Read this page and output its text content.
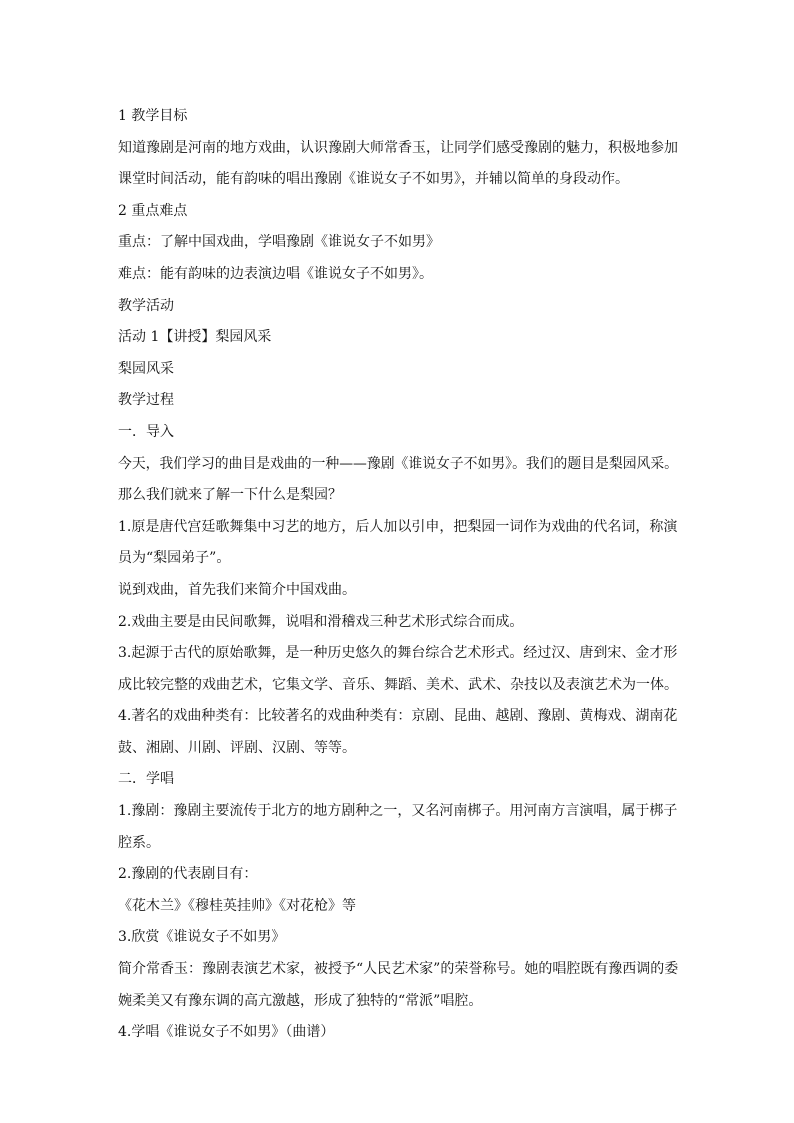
1 教学目标
知道豫剧是河南的地方戏曲，认识豫剧大师常香玉，让同学们感受豫剧的魅力，积极地参加
课堂时间活动，能有韵味的唱出豫剧《谁说女子不如男》，并辅以简单的身段动作。
2 重点难点
重点：了解中国戏曲，学唱豫剧《谁说女子不如男》
难点：能有韵味的边表演边唱《谁说女子不如男》。
教学活动
活动 1【讲授】梨园风采
梨园风采
教学过程
一．导入
今天，我们学习的曲目是戏曲的一种——豫剧《谁说女子不如男》。我们的题目是梨园风采。
那么我们就来了解一下什么是梨园？
1.原是唐代宫廷歌舞集中习艺的地方，后人加以引申，把梨园一词作为戏曲的代名词，称演
员为“梨园弟子”。
说到戏曲，首先我们来简介中国戏曲。
2.戏曲主要是由民间歌舞，说唱和滑稽戏三种艺术形式综合而成。
3.起源于古代的原始歌舞，是一种历史悠久的舞台综合艺术形式。经过汉、唐到宋、金才形
成比较完整的戏曲艺术，它集文学、音乐、舞蹈、美术、武术、杂技以及表演艺术为一体。
4.著名的戏曲种类有：比较著名的戏曲种类有：京剧、昆曲、越剧、豫剧、黄梅戏、湖南花
鼓、湘剧、川剧、评剧、汉剧、等等。
二．学唱
1.豫剧：豫剧主要流传于北方的地方剧种之一，又名河南梆子。用河南方言演唱，属于梆子
腔系。
2.豫剧的代表剧目有：
《花木兰》《穆桂英挂帅》《对花枪》等
3.欣赏《谁说女子不如男》
简介常香玉：豫剧表演艺术家，被授予“人民艺术家”的荣誉称号。她的唱腔既有豫西调的委
婉柔美又有豫东调的高亢激越，形成了独特的“常派”唱腔。
4.学唱《谁说女子不如男》（曲谱）
